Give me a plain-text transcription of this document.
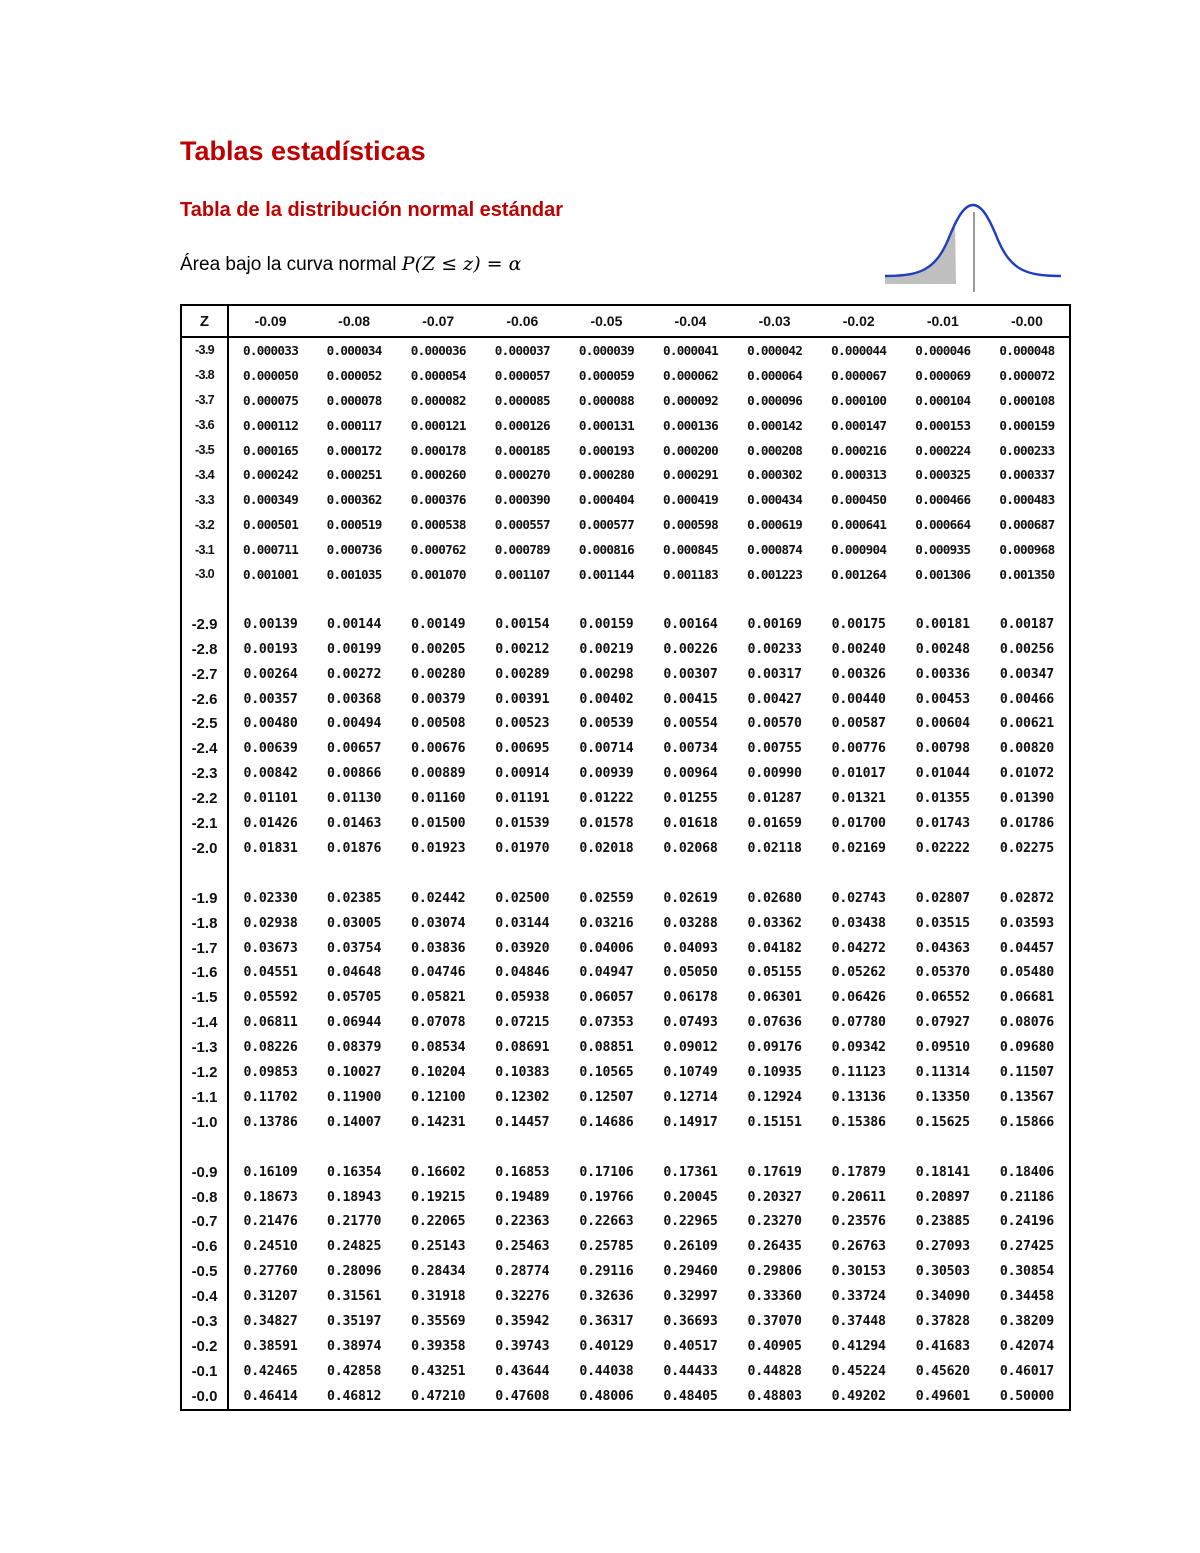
Tablas estadísticas
Tabla de la distribución normal estándar

Área bajo la curva normal P(Z ≤ z) = α

Z	-0.09	-0.08	-0.07	-0.06	-0.05	-0.04	-0.03	-0.02	-0.01	-0.00
-3.9	0.000033	0.000034	0.000036	0.000037	0.000039	0.000041	0.000042	0.000044	0.000046	0.000048
-3.8	0.000050	0.000052	0.000054	0.000057	0.000059	0.000062	0.000064	0.000067	0.000069	0.000072
-3.7	0.000075	0.000078	0.000082	0.000085	0.000088	0.000092	0.000096	0.000100	0.000104	0.000108
-3.6	0.000112	0.000117	0.000121	0.000126	0.000131	0.000136	0.000142	0.000147	0.000153	0.000159
-3.5	0.000165	0.000172	0.000178	0.000185	0.000193	0.000200	0.000208	0.000216	0.000224	0.000233
-3.4	0.000242	0.000251	0.000260	0.000270	0.000280	0.000291	0.000302	0.000313	0.000325	0.000337
-3.3	0.000349	0.000362	0.000376	0.000390	0.000404	0.000419	0.000434	0.000450	0.000466	0.000483
-3.2	0.000501	0.000519	0.000538	0.000557	0.000577	0.000598	0.000619	0.000641	0.000664	0.000687
-3.1	0.000711	0.000736	0.000762	0.000789	0.000816	0.000845	0.000874	0.000904	0.000935	0.000968
-3.0	0.001001	0.001035	0.001070	0.001107	0.001144	0.001183	0.001223	0.001264	0.001306	0.001350

-2.9	0.00139	0.00144	0.00149	0.00154	0.00159	0.00164	0.00169	0.00175	0.00181	0.00187
-2.8	0.00193	0.00199	0.00205	0.00212	0.00219	0.00226	0.00233	0.00240	0.00248	0.00256
-2.7	0.00264	0.00272	0.00280	0.00289	0.00298	0.00307	0.00317	0.00326	0.00336	0.00347
-2.6	0.00357	0.00368	0.00379	0.00391	0.00402	0.00415	0.00427	0.00440	0.00453	0.00466
-2.5	0.00480	0.00494	0.00508	0.00523	0.00539	0.00554	0.00570	0.00587	0.00604	0.00621
-2.4	0.00639	0.00657	0.00676	0.00695	0.00714	0.00734	0.00755	0.00776	0.00798	0.00820
-2.3	0.00842	0.00866	0.00889	0.00914	0.00939	0.00964	0.00990	0.01017	0.01044	0.01072
-2.2	0.01101	0.01130	0.01160	0.01191	0.01222	0.01255	0.01287	0.01321	0.01355	0.01390
-2.1	0.01426	0.01463	0.01500	0.01539	0.01578	0.01618	0.01659	0.01700	0.01743	0.01786
-2.0	0.01831	0.01876	0.01923	0.01970	0.02018	0.02068	0.02118	0.02169	0.02222	0.02275

-1.9	0.02330	0.02385	0.02442	0.02500	0.02559	0.02619	0.02680	0.02743	0.02807	0.02872
-1.8	0.02938	0.03005	0.03074	0.03144	0.03216	0.03288	0.03362	0.03438	0.03515	0.03593
-1.7	0.03673	0.03754	0.03836	0.03920	0.04006	0.04093	0.04182	0.04272	0.04363	0.04457
-1.6	0.04551	0.04648	0.04746	0.04846	0.04947	0.05050	0.05155	0.05262	0.05370	0.05480
-1.5	0.05592	0.05705	0.05821	0.05938	0.06057	0.06178	0.06301	0.06426	0.06552	0.06681
-1.4	0.06811	0.06944	0.07078	0.07215	0.07353	0.07493	0.07636	0.07780	0.07927	0.08076
-1.3	0.08226	0.08379	0.08534	0.08691	0.08851	0.09012	0.09176	0.09342	0.09510	0.09680
-1.2	0.09853	0.10027	0.10204	0.10383	0.10565	0.10749	0.10935	0.11123	0.11314	0.11507
-1.1	0.11702	0.11900	0.12100	0.12302	0.12507	0.12714	0.12924	0.13136	0.13350	0.13567
-1.0	0.13786	0.14007	0.14231	0.14457	0.14686	0.14917	0.15151	0.15386	0.15625	0.15866

-0.9	0.16109	0.16354	0.16602	0.16853	0.17106	0.17361	0.17619	0.17879	0.18141	0.18406
-0.8	0.18673	0.18943	0.19215	0.19489	0.19766	0.20045	0.20327	0.20611	0.20897	0.21186
-0.7	0.21476	0.21770	0.22065	0.22363	0.22663	0.22965	0.23270	0.23576	0.23885	0.24196
-0.6	0.24510	0.24825	0.25143	0.25463	0.25785	0.26109	0.26435	0.26763	0.27093	0.27425
-0.5	0.27760	0.28096	0.28434	0.28774	0.29116	0.29460	0.29806	0.30153	0.30503	0.30854
-0.4	0.31207	0.31561	0.31918	0.32276	0.32636	0.32997	0.33360	0.33724	0.34090	0.34458
-0.3	0.34827	0.35197	0.35569	0.35942	0.36317	0.36693	0.37070	0.37448	0.37828	0.38209
-0.2	0.38591	0.38974	0.39358	0.39743	0.40129	0.40517	0.40905	0.41294	0.41683	0.42074
-0.1	0.42465	0.42858	0.43251	0.43644	0.44038	0.44433	0.44828	0.45224	0.45620	0.46017
-0.0	0.46414	0.46812	0.47210	0.47608	0.48006	0.48405	0.48803	0.49202	0.49601	0.50000
